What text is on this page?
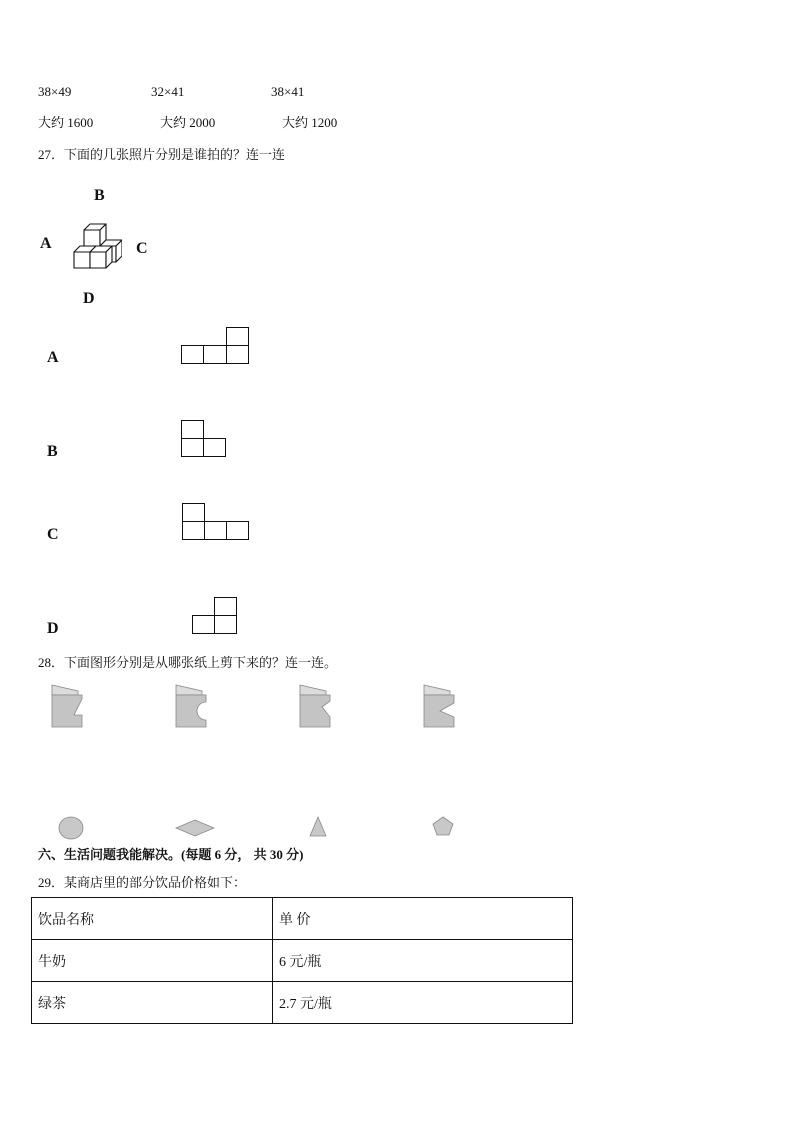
38×49	32×41	38×41
大约 1600	大约 2000	大约 1200
27．下面的几张照片分别是谁拍的？连一连
B
A	C
D
A
B
C
D
28．下面图形分别是从哪张纸上剪下来的？连一连。
六、生活问题我能解决。(每题 6 分， 共 30 分)
29．某商店里的部分饮品价格如下：
饮品名称	单 价
牛奶	6 元/瓶
绿茶	2.7 元/瓶
